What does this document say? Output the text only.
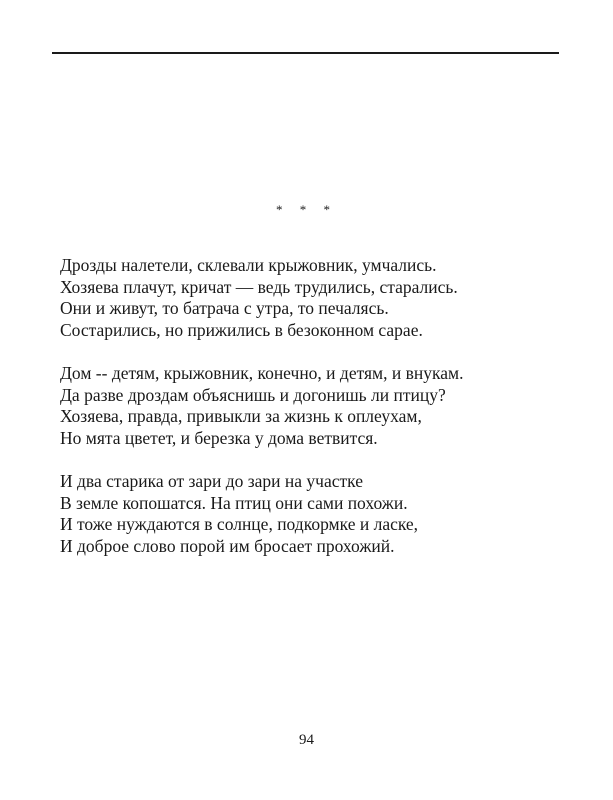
* * *
Дрозды налетели, склевали крыжовник, умчались.
Хозяева плачут, кричат — ведь трудились, старались.
Они и живут, то батрача с утра, то печалясь.
Состарились, но прижились в безоконном сарае.
Дом -- детям, крыжовник, конечно, и детям, и внукам.
Да разве дроздам объяснишь и догонишь ли птицу?
Хозяева, правда, привыкли за жизнь к оплеухам,
Но мята цветет, и березка у дома ветвится.
И два старика от зари до зари на участке
В земле копошатся. На птиц они сами похожи.
И тоже нуждаются в солнце, подкормке и ласке,
И доброе слово порой им бросает прохожий.
94
